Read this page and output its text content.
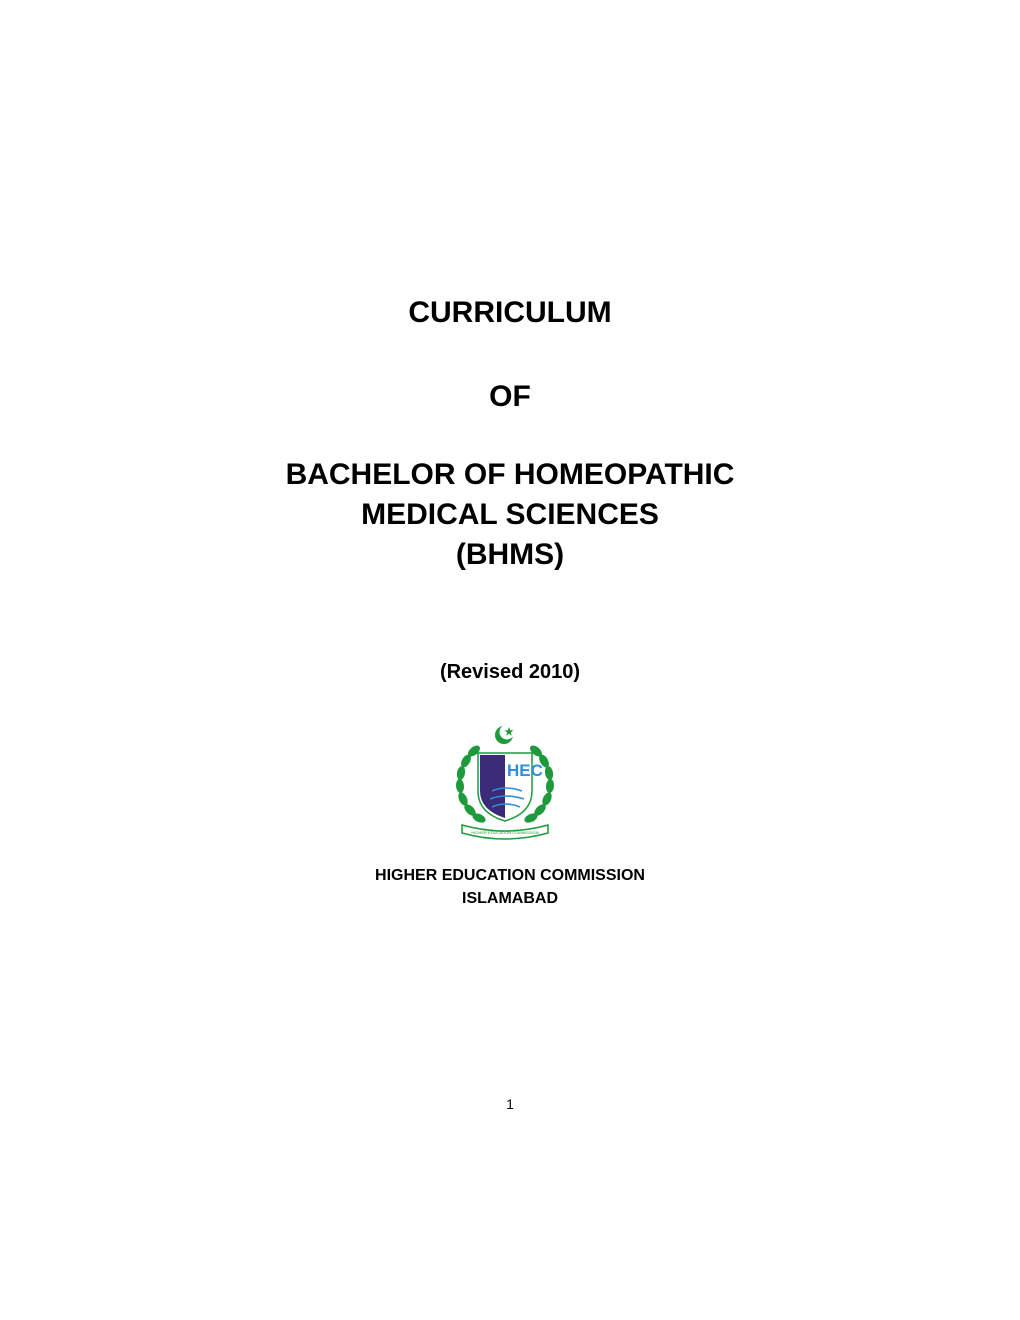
CURRICULUM
OF
BACHELOR OF HOMEOPATHIC
MEDICAL SCIENCES
(BHMS)
(Revised 2010)
HEC
HIGHER EDUCATION COMMISSION
HIGHER EDUCATION COMMISSION
ISLAMABAD
1
